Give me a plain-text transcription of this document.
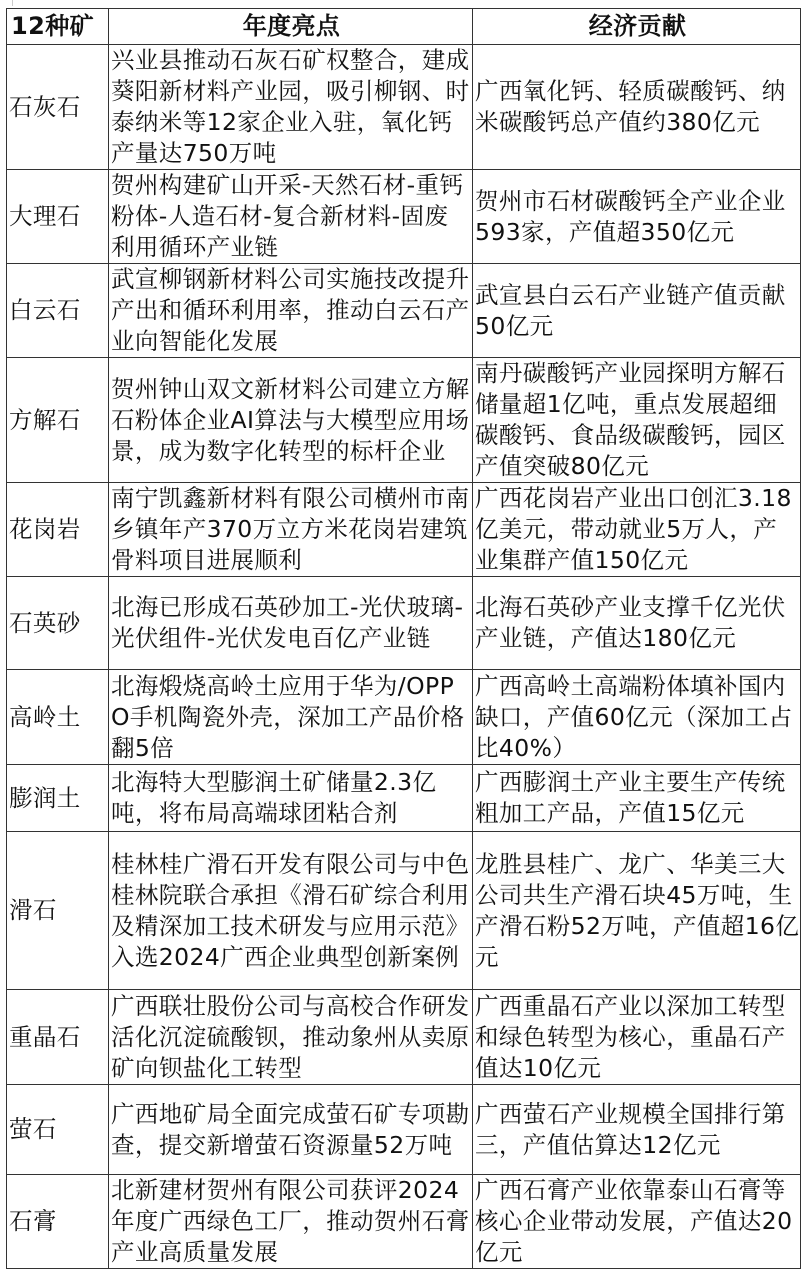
12种矿	年度亮点	经济贡献
石灰石	兴业县推动石灰石矿权整合，建成葵阳新材料产业园，吸引柳钢、时泰纳米等12家企业入驻，氧化钙产量达750万吨	广西氧化钙、轻质碳酸钙、纳米碳酸钙总产值约380亿元
大理石	贺州构建矿山开采-天然石材-重钙粉体-人造石材-复合新材料-固废利用循环产业链	贺州市石材碳酸钙全产业企业593家，产值超350亿元
白云石	武宣柳钢新材料公司实施技改提升产出和循环利用率，推动白云石产业向智能化发展	武宣县白云石产业链产值贡献50亿元
方解石	贺州钟山双文新材料公司建立方解石粉体企业AI算法与大模型应用场景，成为数字化转型的标杆企业	南丹碳酸钙产业园探明方解石储量超1亿吨，重点发展超细碳酸钙、食品级碳酸钙，园区产值突破80亿元
花岗岩	南宁凯鑫新材料有限公司横州市南乡镇年产370万立方米花岗岩建筑骨料项目进展顺利	广西花岗岩产业出口创汇3.18亿美元，带动就业5万人，产业集群产值150亿元
石英砂	北海已形成石英砂加工-光伏玻璃-光伏组件-光伏发电百亿产业链	北海石英砂产业支撑千亿光伏产业链，产值达180亿元
高岭土	北海煅烧高岭土应用于华为/OPPO手机陶瓷外壳，深加工产品价格翻5倍	广西高岭土高端粉体填补国内缺口，产值60亿元（深加工占比40%）
膨润土	北海特大型膨润土矿储量2.3亿吨，将布局高端球团粘合剂	广西膨润土产业主要生产传统粗加工产品，产值15亿元
滑石	桂林桂广滑石开发有限公司与中色桂林院联合承担《滑石矿综合利用及精深加工技术研发与应用示范》入选2024广西企业典型创新案例	龙胜县桂广、龙广、华美三大公司共生产滑石块45万吨，生产滑石粉52万吨，产值超16亿元
重晶石	广西联壮股份公司与高校合作研发活化沉淀硫酸钡，推动象州从卖原矿向钡盐化工转型	广西重晶石产业以深加工转型和绿色转型为核心，重晶石产值达10亿元
萤石	广西地矿局全面完成萤石矿专项勘查，提交新增萤石资源量52万吨	广西萤石产业规模全国排行第三，产值估算达12亿元
石膏	北新建材贺州有限公司获评2024年度广西绿色工厂，推动贺州石膏产业高质量发展	广西石膏产业依靠泰山石膏等核心企业带动发展，产值达20亿元
